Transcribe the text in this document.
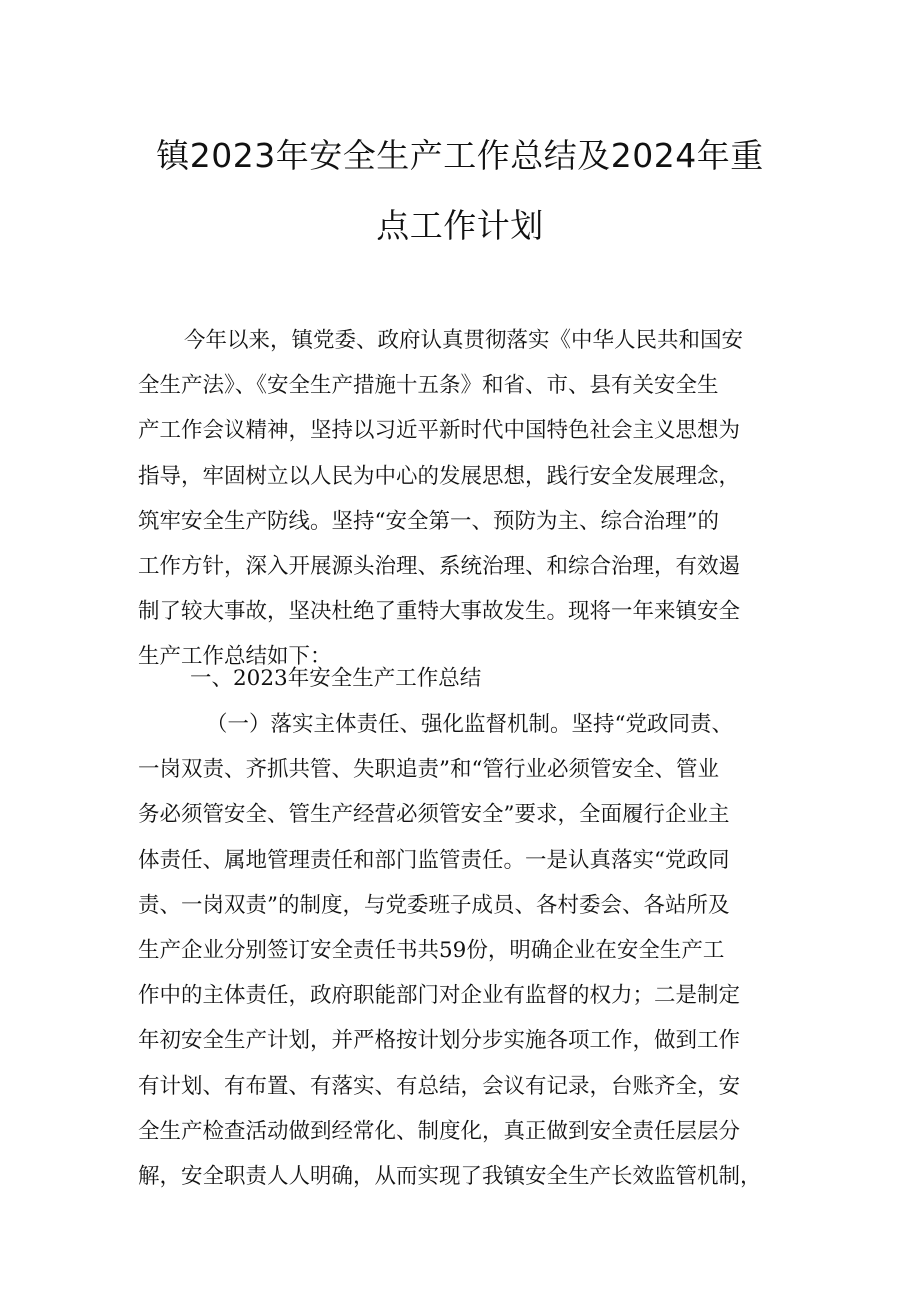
镇2023年安全生产工作总结及2024年重
点工作计划
今年以来，镇党委、政府认真贯彻落实《中华人民共和国安
全生产法》、《安全生产措施十五条》和省、市、县有关安全生
产工作会议精神，坚持以习近平新时代中国特色社会主义思想为
指导，牢固树立以人民为中心的发展思想，践行安全发展理念，
筑牢安全生产防线。坚持“安全第一、预防为主、综合治理”的
工作方针，深入开展源头治理、系统治理、和综合治理，有效遏
制了较大事故，坚决杜绝了重特大事故发生。现将一年来镇安全
生产工作总结如下：
一、2023年安全生产工作总结
（一）落实主体责任、强化监督机制。坚持“党政同责、
一岗双责、齐抓共管、失职追责”和“管行业必须管安全、管业
务必须管安全、管生产经营必须管安全”要求，全面履行企业主
体责任、属地管理责任和部门监管责任。一是认真落实“党政同
责、一岗双责”的制度，与党委班子成员、各村委会、各站所及
生产企业分别签订安全责任书共59份，明确企业在安全生产工
作中的主体责任，政府职能部门对企业有监督的权力；二是制定
年初安全生产计划，并严格按计划分步实施各项工作，做到工作
有计划、有布置、有落实、有总结，会议有记录，台账齐全，安
全生产检查活动做到经常化、制度化，真正做到安全责任层层分
解，安全职责人人明确，从而实现了我镇安全生产长效监管机制，
